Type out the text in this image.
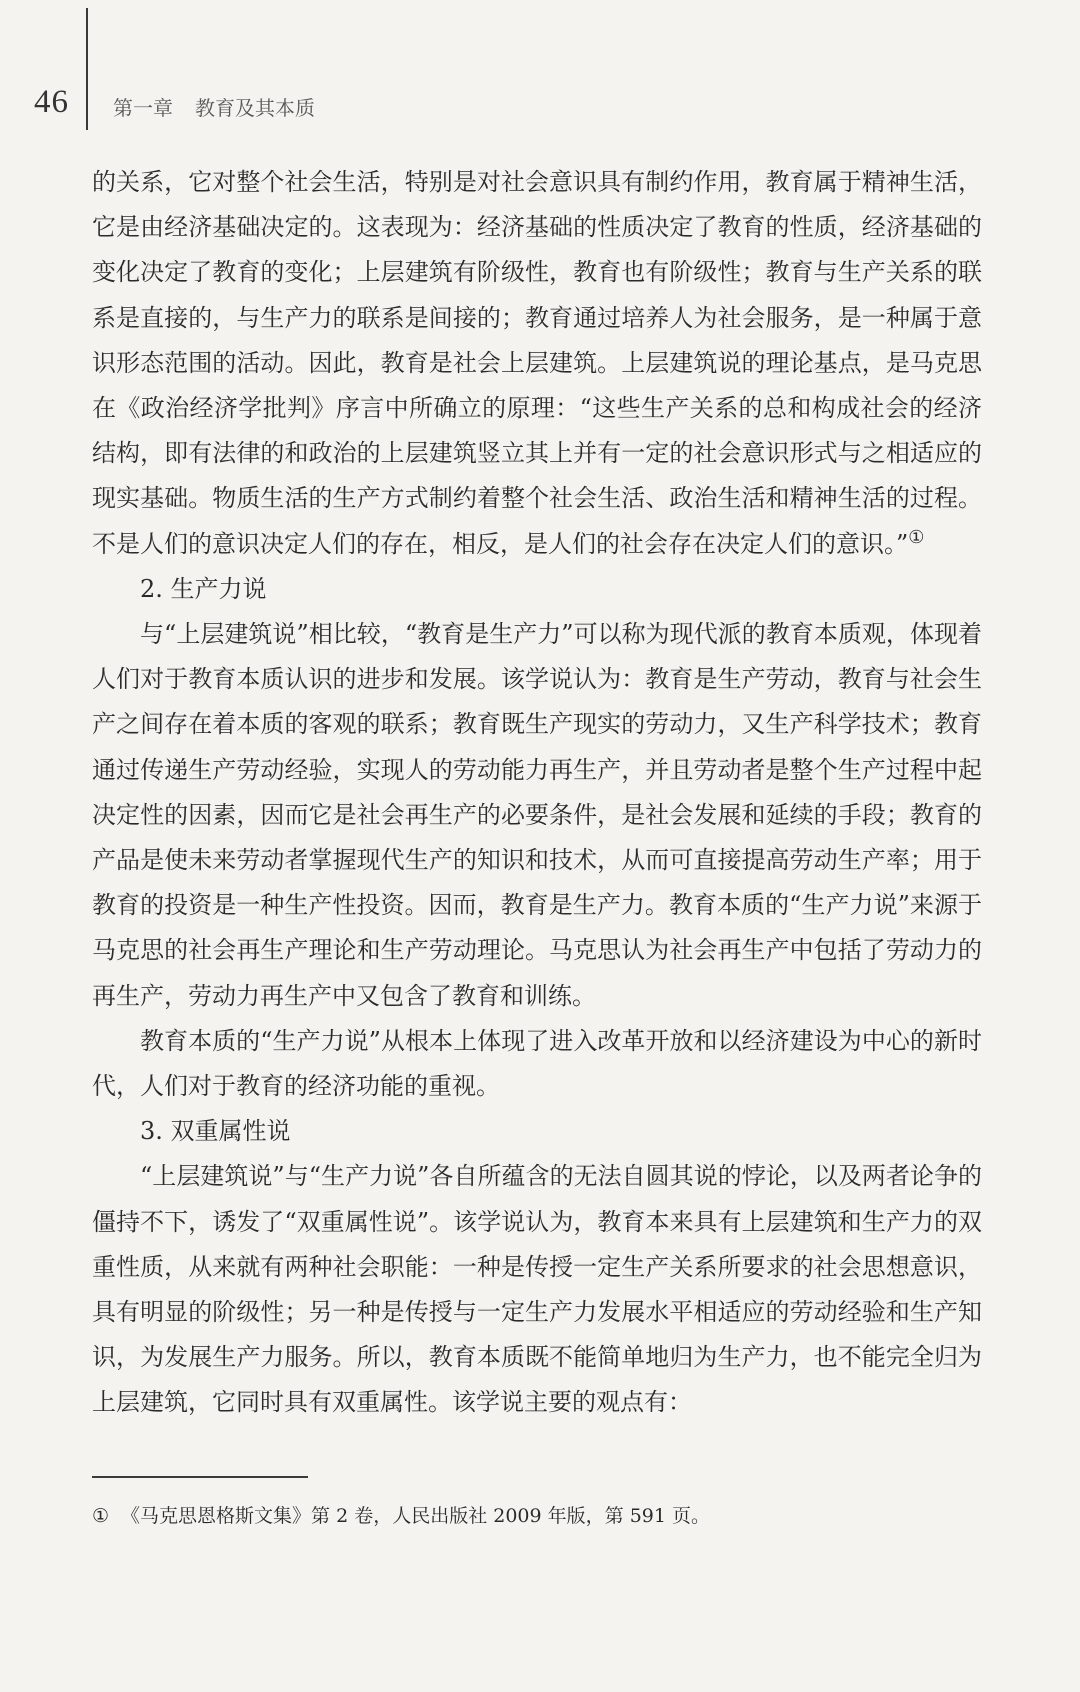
46 第一章 教育及其本质

的关系，它对整个社会生活，特别是对社会意识具有制约作用，教育属于精神生活，它是由经济基础决定的。这表现为：经济基础的性质决定了教育的性质，经济基础的变化决定了教育的变化；上层建筑有阶级性，教育也有阶级性；教育与生产关系的联系是直接的，与生产力的联系是间接的；教育通过培养人为社会服务，是一种属于意识形态范围的活动。因此，教育是社会上层建筑。上层建筑说的理论基点，是马克思在《政治经济学批判》序言中所确立的原理：“这些生产关系的总和构成社会的经济结构，即有法律的和政治的上层建筑竖立其上并有一定的社会意识形式与之相适应的现实基础。物质生活的生产方式制约着整个社会生活、政治生活和精神生活的过程。不是人们的意识决定人们的存在，相反，是人们的社会存在决定人们的意识。”①

2. 生产力说

与“上层建筑说”相比较，“教育是生产力”可以称为现代派的教育本质观，体现着人们对于教育本质认识的进步和发展。该学说认为：教育是生产劳动，教育与社会生产之间存在着本质的客观的联系；教育既生产现实的劳动力，又生产科学技术；教育通过传递生产劳动经验，实现人的劳动能力再生产，并且劳动者是整个生产过程中起决定性的因素，因而它是社会再生产的必要条件，是社会发展和延续的手段；教育的产品是使未来劳动者掌握现代生产的知识和技术，从而可直接提高劳动生产率；用于教育的投资是一种生产性投资。因而，教育是生产力。教育本质的“生产力说”来源于马克思的社会再生产理论和生产劳动理论。马克思认为社会再生产中包括了劳动力的再生产，劳动力再生产中又包含了教育和训练。

教育本质的“生产力说”从根本上体现了进入改革开放和以经济建设为中心的新时代，人们对于教育的经济功能的重视。

3. 双重属性说

“上层建筑说”与“生产力说”各自所蕴含的无法自圆其说的悖论，以及两者论争的僵持不下，诱发了“双重属性说”。该学说认为，教育本来具有上层建筑和生产力的双重性质，从来就有两种社会职能：一种是传授一定生产关系所要求的社会思想意识，具有明显的阶级性；另一种是传授与一定生产力发展水平相适应的劳动经验和生产知识，为发展生产力服务。所以，教育本质既不能简单地归为生产力，也不能完全归为上层建筑，它同时具有双重属性。该学说主要的观点有：

① 《马克思恩格斯文集》第 2 卷，人民出版社 2009 年版，第 591 页。
